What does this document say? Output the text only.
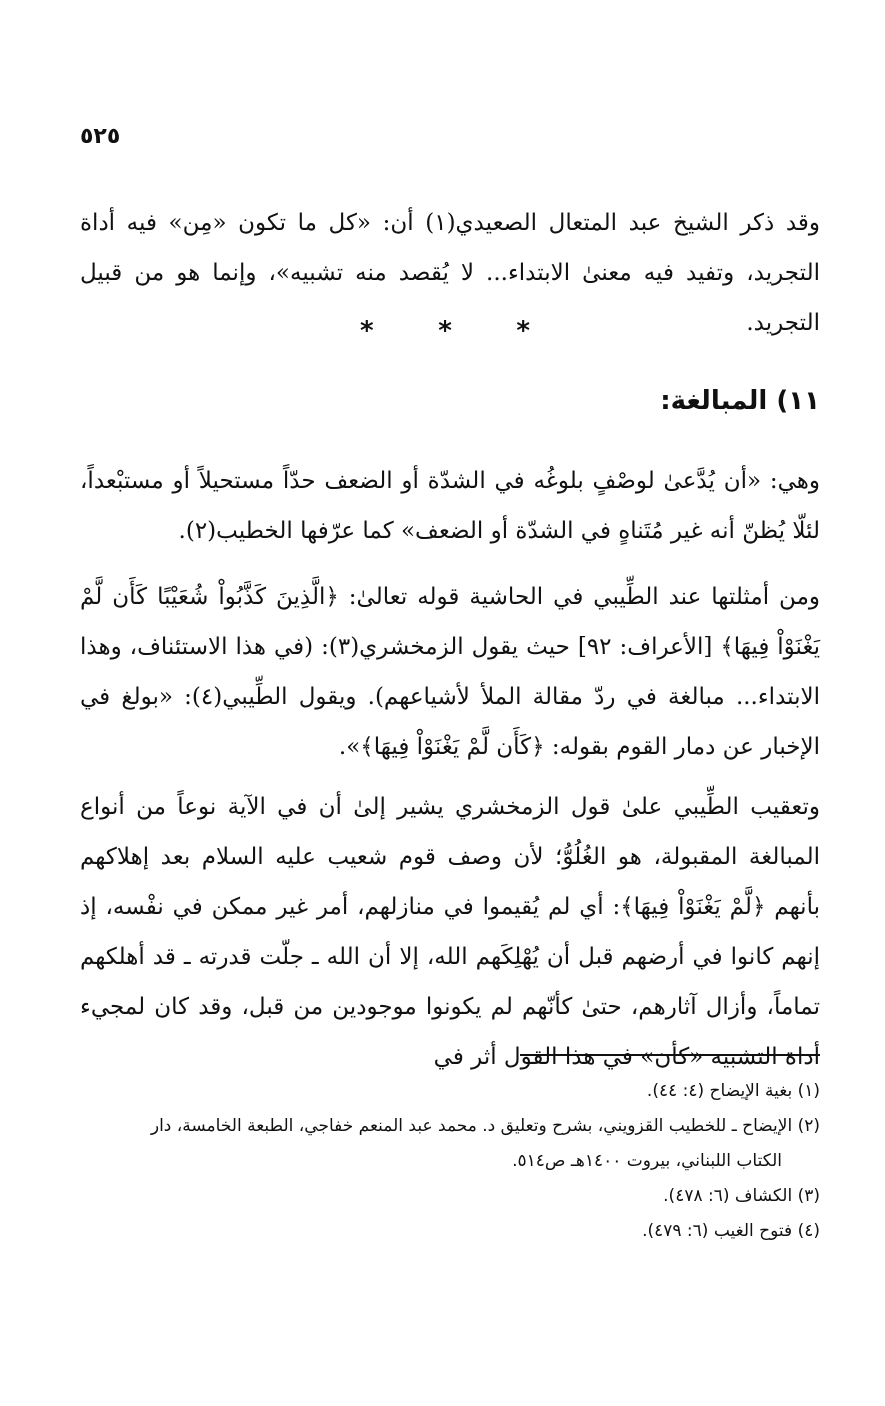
٥٢٥

وقد ذكر الشيخ عبد المتعال الصعيدي(١) أن: «كل ما تكون «مِن» فيه أداة التجريد، وتفيد فيه معنىٰ الابتداء... لا يُقصد منه تشبيه»، وإنما هو من قبيل التجريد.

*
*
*
١١) المبالغة:

وهي: «أن يُدَّعىٰ لوصْفٍ بلوغُه في الشدّة أو الضعف حدّاً مستحيلاً أو مستبْعداً، لئلّا يُظنّ أنه غير مُتَناهٍ في الشدّة أو الضعف» كما عرّفها الخطيب(٢).

ومن أمثلتها عند الطِّيبي في الحاشية قوله تعالىٰ: ﴿الَّذِينَ كَذَّبُواْ شُعَيْبًا كَأَن لَّمْ يَغْنَوْاْ فِيهَا﴾ [الأعراف: ٩٢] حيث يقول الزمخشري(٣): (في هذا الاستئناف، وهذا الابتداء... مبالغة في ردّ مقالة الملأ لأشياعهم). ويقول الطِّيبي(٤): «بولغ في الإخبار عن دمار القوم بقوله: ﴿كَأَن لَّمْ يَغْنَوْاْ فِيهَا﴾».

وتعقيب الطِّيبي علىٰ قول الزمخشري يشير إلىٰ أن في الآية نوعاً من أنواع المبالغة المقبولة، هو الغُلُوُّ؛ لأن وصف قوم شعيب عليه السلام بعد إهلاكهم بأنهم ﴿لَّمْ يَغْنَوْاْ فِيهَا﴾: أي لم يُقيموا في منازلهم، أمر غير ممكن في نفْسه، إذ إنهم كانوا في أرضهم قبل أن يُهْلِكَهم الله، إلا أن الله ـ جلّت قدرته ـ قد أهلكهم تماماً، وأزال آثارهم، حتىٰ كأنّهم لم يكونوا موجودين من قبل، وقد كان لمجيء أداة التشبيه «كأن» في هذا القول أثر في

(١) بغية الإيضاح (٤: ٤٤).
(٢) الإيضاح ـ للخطيب القزويني، بشرح وتعليق د. محمد عبد المنعم خفاجي، الطبعة الخامسة، دار
الكتاب اللبناني، بيروت ١٤٠٠هـ ص٥١٤.
(٣) الكشاف (٦: ٤٧٨).
(٤) فتوح الغيب (٦: ٤٧٩).
